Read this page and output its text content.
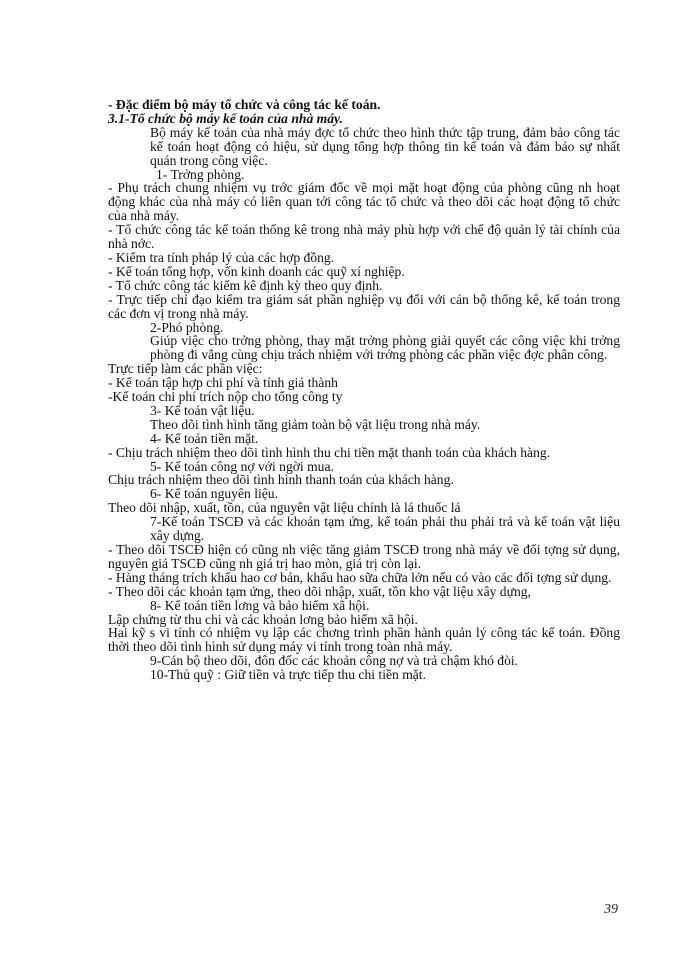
- Đặc điểm bộ máy tổ chức và công tác kế toán.
3.1-Tổ chức bộ máy kế toán của nhà máy.
Bộ máy kế toán của nhà máy đợc tổ chức theo hình thức tập trung, đảm bảo công tác kế toán hoạt động có hiệu, sử dụng tổng hợp thông tin kế toán và đảm bảo sự nhất quán trong công việc.
1- Trởng phòng.
- Phụ trách chung nhiệm vụ trớc giám đốc về mọi mặt hoạt động của phòng cũng nh hoạt động khác của nhà máy có liên quan tới công tác tổ chức và theo dõi các hoạt động tổ chức của nhà máy.
- Tổ chức công tác kế toán thống kê trong nhà máy phù hợp với chế độ quản lý tài chính của nhà nớc.
- Kiểm tra tính pháp lý của các hợp đồng.
- Kế toán tổng hợp, vốn kinh doanh các quỹ xí nghiệp.
- Tổ chức công tác kiểm kê định kỳ theo quy định.
- Trực tiếp chỉ đạo kiểm tra giám sát phần nghiệp vụ đối với cán bộ thống kê, kế toán trong các đơn vị trong nhà máy.
2-Phó phòng.
Giúp việc cho trởng phòng, thay mặt trởng phòng giải quyết các công việc khi trởng phòng đi vắng cùng chịu trách nhiệm với trởng phòng các phần việc đợc phân công.
Trực tiếp làm các phần việc:
- Kế toán tập hợp chi phí và tính giá thành
-Kế toán chi phí trích nộp cho tổng công ty
3- Kế toán vật liệu.
Theo dõi tình hình tăng giảm toàn bộ vật liệu trong nhà máy.
4- Kế toán tiền mặt.
- Chịu trách nhiệm theo dõi tình hình thu chi tiền mặt thanh toán của khách hàng.
5- Kế toán công nợ với ngời mua.
Chịu trách nhiệm theo dõi tình hình thanh toán của khách hàng.
6- Kế toán nguyên liệu.
Theo dõi nhập, xuất, tồn, của nguyên vật liệu chính là lá thuốc lá
7-Kế toán TSCĐ và các khoản tạm ứng, kế toán phải thu phải trả và kế toán vật liệu xây dựng.
- Theo dõi TSCĐ hiện có cũng nh việc tăng giảm TSCĐ trong nhà máy về đối tợng sử dụng, nguyên giá TSCĐ cũng nh giá trị hao mòn, giá trị còn lại.
- Hàng tháng trích khấu hao cơ bản, khấu hao sữa chữa lớn nếu có vào các đối tợng sử dụng.
- Theo dõi các khoản tạm ứng, theo dõi nhập, xuất, tồn kho vật liệu xây dựng,
8- Kế toán tiền lơng và bảo hiểm xã hội.
Lập chứng từ thu chi và các khoản lơng bảo hiểm xã hội.
Hai kỹ s vi tính có nhiệm vụ lập các chơng trình phần hành quản lý công tác kế toán. Đồng thời theo dõi tình hình sử dụng máy vi tính trong toàn nhà máy.
9-Cán bộ theo dõi, đôn đốc các khoản công nợ và trả chậm khó đòi.
10-Thủ quỹ : Giữ tiền và trực tiếp thu chi tiền mặt.
39
